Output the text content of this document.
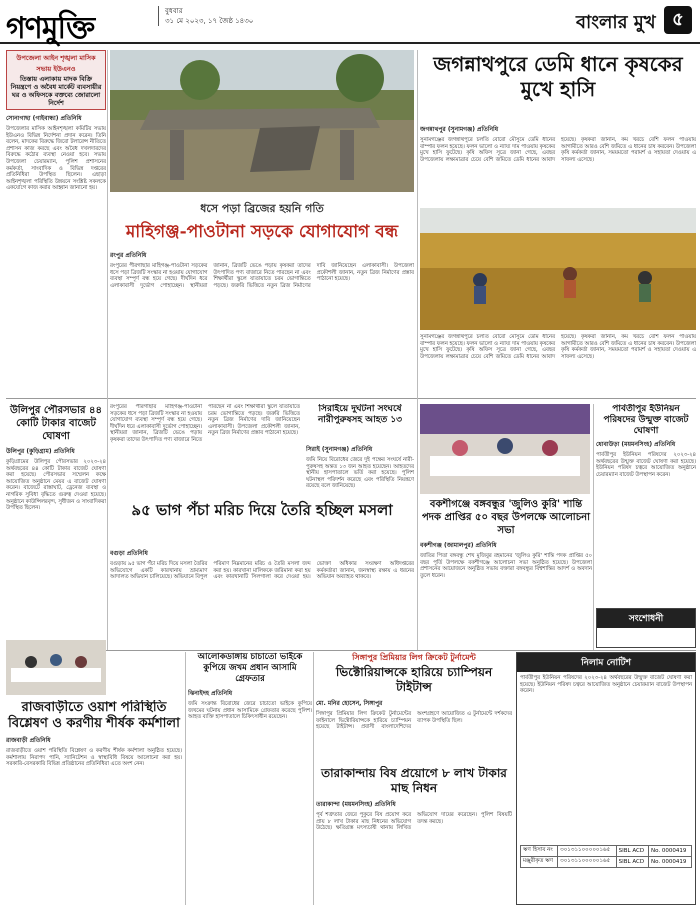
গণমুক্তি	বুধবার
৩১ মে ২০২৩, ১৭ জৈষ্ঠ ১৪৩০	বাংলার মুখ ৫
উপজেলা আইন শৃঙ্খলা মাসিক সভায় ইউএনও
তিস্তায় এলাকায় মাদক বিক্রি নিয়ন্ত্রণে ও অবৈধ মার্কেট ব্যবসায়ীর ঘর ও অফিসকে বক্তব্যে জোরালো নির্দেশ
সোনাগাছা (গাইবান্ধা) প্রতিনিধি
উপজেলার মাসিক আইনশৃঙ্খলা কমিটির সভায় ইউএনও বিভিন্ন নির্দেশনা প্রদান করেন। তিনি বলেন, মাদকের বিরুদ্ধে জিরো টলারেন্স নীতিতে প্রশাসন কাজ করছে এবং অবৈধ দখলদারদের বিরুদ্ধে কঠোর ব্যবস্থা নেওয়া হবে। সভায় উপজেলা চেয়ারম্যান, পুলিশ প্রশাসনের কর্মকর্তা, সাংবাদিক ও বিভিন্ন দপ্তরের প্রতিনিধিরা উপস্থিত ছিলেন। এছাড়া আইনশৃঙ্খলা পরিস্থিতি উন্নয়নে সংশ্লিষ্ট সকলকে একযোগে কাজ করার আহ্বান জানানো হয়।
ধসে পড়া ব্রিজের হয়নি গতি
মাহিগঞ্জ-পাওটানা সড়কে যোগাযোগ বন্ধ
রংপুর প্রতিনিধি
রংপুরের পীরগাছার মাহিগঞ্জ-পাওটানা সড়কের ধসে পড়া ব্রিজটি সংস্কার না হওয়ায় যোগাযোগ ব্যবস্থা সম্পূর্ণ বন্ধ হয়ে গেছে। দীর্ঘদিন ধরে এলাকাবাসী দুর্ভোগ পোহাচ্ছেন। স্থানীয়রা জানান, ব্রিজটি ভেঙে পড়ায় কৃষকরা তাদের উৎপাদিত পণ্য বাজারে নিতে পারছেন না এবং শিক্ষার্থীরা স্কুলে যাতায়াতে চরম ভোগান্তিতে পড়ছে। জরুরি ভিত্তিতে নতুন ব্রিজ নির্মাণের দাবি জানিয়েছেন এলাকাবাসী। উপজেলা প্রকৌশলী জানান, নতুন ব্রিজ নির্মাণের প্রস্তাব পাঠানো হয়েছে।
জগন্নাথপুরে ডেমি ধানে কৃষকের মুখে হাসি
জগন্নাথপুর (সুনামগঞ্জ) প্রতিনিধি
সুনামগঞ্জের জগন্নাথপুরে চলতি বোরো মৌসুমে ডেমি ধানের বাম্পার ফলন হয়েছে। ফলন ভালো ও ন্যায্য দাম পাওয়ায় কৃষকের মুখে হাসি ফুটেছে। কৃষি অফিস সূত্রে জানা গেছে, এবছর উপজেলায় লক্ষ্যমাত্রার চেয়ে বেশি জমিতে ডেমি ধানের আবাদ হয়েছে। কৃষকরা জানান, কম খরচে বেশি ফলন পাওয়ায় আগামীতে আরও বেশি জমিতে এ ধানের চাষ করবেন। উপজেলা কৃষি কর্মকর্তা জানান, সময়মতো পরামর্শ ও সহায়তা দেওয়ায় এ সাফল্য এসেছে।
সুনামগঞ্জের জগন্নাথপুরে চলতি বোরো মৌসুমে ডেমি ধানের বাম্পার ফলন হয়েছে। ফলন ভালো ও ন্যায্য দাম পাওয়ায় কৃষকের মুখে হাসি ফুটেছে। কৃষি অফিস সূত্রে জানা গেছে, এবছর উপজেলায় লক্ষ্যমাত্রার চেয়ে বেশি জমিতে ডেমি ধানের আবাদ হয়েছে। কৃষকরা জানান, কম খরচে বেশি ফলন পাওয়ায় আগামীতে আরও বেশি জমিতে এ ধানের চাষ করবেন। উপজেলা কৃষি কর্মকর্তা জানান, সময়মতো পরামর্শ ও সহায়তা দেওয়ায় এ সাফল্য এসেছে।
উলিপুর পৌরসভার ৪৪ কোটি টাকার বাজেট ঘোষণা
উলিপুর (কুড়িগ্রাম) প্রতিনিধি
কুড়িগ্রামের উলিপুর পৌরসভার ২০২৩-২৪ অর্থবছরের ৪৪ কোটি টাকার বাজেট ঘোষণা করা হয়েছে। পৌরসভার সম্মেলন কক্ষে আয়োজিত অনুষ্ঠানে মেয়র এ বাজেট ঘোষণা করেন। বাজেটে রাস্তাঘাট, ড্রেনেজ ব্যবস্থা ও নাগরিক সুবিধা বৃদ্ধিতে গুরুত্ব দেওয়া হয়েছে। অনুষ্ঠানে কাউন্সিলরবৃন্দ, সুধীজন ও সাংবাদিকরা উপস্থিত ছিলেন।
রংপুরের পীরগাছার মাহিগঞ্জ-পাওটানা সড়কের ধসে পড়া ব্রিজটি সংস্কার না হওয়ায় যোগাযোগ ব্যবস্থা সম্পূর্ণ বন্ধ হয়ে গেছে। দীর্ঘদিন ধরে এলাকাবাসী দুর্ভোগ পোহাচ্ছেন। স্থানীয়রা জানান, ব্রিজটি ভেঙে পড়ায় কৃষকরা তাদের উৎপাদিত পণ্য বাজারে নিতে পারছেন না এবং শিক্ষার্থীরা স্কুলে যাতায়াতে চরম ভোগান্তিতে পড়ছে। জরুরি ভিত্তিতে নতুন ব্রিজ নির্মাণের দাবি জানিয়েছেন এলাকাবাসী। উপজেলা প্রকৌশলী জানান, নতুন ব্রিজ নির্মাণের প্রস্তাব পাঠানো হয়েছে।
সিরাইয়ে দুর্ঘটনা সংঘর্ষে নারীপুরুষসহ আহত ১৩
সিরাই (সুনামগঞ্জ) প্রতিনিধি
জমি নিয়ে বিরোধের জেরে দুই পক্ষের সংঘর্ষে নারী-পুরুষসহ অন্তত ১৩ জন আহত হয়েছেন। আহতদের স্থানীয় হাসপাতালে ভর্তি করা হয়েছে। পুলিশ ঘটনাস্থল পরিদর্শন করেছে এবং পরিস্থিতি নিয়ন্ত্রণে রয়েছে বলে জানিয়েছে।
পার্বতীপুর ইউনিয়ন পরিষদের উন্মুক্ত বাজেট ঘোষণা
ধোবাউড়া (ময়মনসিংহ) প্রতিনিধি
পার্বতীপুর ইউনিয়ন পরিষদের ২০২৩-২৪ অর্থবছরের উন্মুক্ত বাজেট ঘোষণা করা হয়েছে। ইউনিয়ন পরিষদ চত্বরে আয়োজিত অনুষ্ঠানে চেয়ারম্যান বাজেট উপস্থাপন করেন।
৯৫ ভাগ পঁচা মরিচ দিয়ে তৈরি হচ্ছিল মসলা
বগুড়া প্রতিনিধি
বগুড়ায় ৯৫ ভাগ পঁচা মরিচ দিয়ে মসলা তৈরির অভিযোগে একটি কারখানায় ভ্রাম্যমাণ আদালত অভিযান চালিয়েছে। অভিযানে বিপুল পরিমাণ নিম্নমানের মরিচ ও তৈরি মসলা জব্দ করা হয়। কারখানা মালিককে জরিমানা করা হয় এবং কারখানাটি সিলগালা করে দেওয়া হয়। ভোক্তা অধিকার সংরক্ষণ অধিদপ্তরের কর্মকর্তারা জানান, জনস্বাস্থ্য রক্ষায় এ ধরনের অভিযান অব্যাহত থাকবে।
বকশীগঞ্জে বঙ্গবন্ধুর 'জুলিও কুরি' শান্তি পদক প্রাপ্তির ৫০ বছর উপলক্ষে আলোচনা সভা
বকশীগঞ্জ (জামালপুর) প্রতিনিধি
জাতির পিতা বঙ্গবন্ধু শেখ মুজিবুর রহমানের 'জুলিও কুরি' শান্তি পদক প্রাপ্তির ৫০ বছর পূর্তি উপলক্ষে বকশীগঞ্জে আলোচনা সভা অনুষ্ঠিত হয়েছে। উপজেলা প্রশাসনের আয়োজনে অনুষ্ঠিত সভায় বক্তারা বঙ্গবন্ধুর বিশ্বশান্তির আদর্শ ও অবদান তুলে ধরেন।
সংশোধনী
রাজবাড়ীতে ওয়াশ পরিস্থিতি বিশ্লেষণ ও করণীয় শীর্ষক কর্মশালা
রাজবাড়ী প্রতিনিধি
রাজবাড়ীতে ওয়াশ পরিস্থিতি বিশ্লেষণ ও করণীয় শীর্ষক কর্মশালা অনুষ্ঠিত হয়েছে। কর্মশালায় নিরাপদ পানি, স্যানিটেশন ও স্বাস্থ্যবিধি বিষয়ে আলোচনা করা হয়। সরকারি-বেসরকারি বিভিন্ন প্রতিষ্ঠানের প্রতিনিধিরা এতে অংশ নেন।
আলোকডাঙ্গায় চাচাতো ভাইকে কুপিয়ে জখম প্রধান আসামি গ্রেফতার
ঝিনাইদহ প্রতিনিধি
জমি সংক্রান্ত বিরোধের জেরে চাচাতো ভাইকে কুপিয়ে জখমের ঘটনায় প্রধান আসামিকে গ্রেফতার করেছে পুলিশ। আহত ব্যক্তি হাসপাতালে চিকিৎসাধীন রয়েছেন।
সিঙ্গাপুর প্রিমিয়ার লিগ ক্রিকেট টুর্নামেন্ট
ভিক্টোরিয়ান্সকে হারিয়ে চ্যাম্পিয়ন টাইটান্স
মো. মনির হোসেন, সিঙ্গাপুর
সিঙ্গাপুর প্রিমিয়ার লিগ ক্রিকেট টুর্নামেন্টের ফাইনালে ভিক্টোরিয়ান্সকে হারিয়ে চ্যাম্পিয়ন হয়েছে টাইটান্স। প্রবাসী বাংলাদেশিদের অংশগ্রহণে আয়োজিত এ টুর্নামেন্টে দর্শকদের ব্যাপক উপস্থিতি ছিল।
তারাকান্দায় বিষ প্রয়োগে ৮ লাখ টাকার মাছ নিধন
তারাকান্দা (ময়মনসিংহ) প্রতিনিধি
পূর্ব শত্রুতার জেরে পুকুরে বিষ প্রয়োগ করে প্রায় ৮ লাখ টাকার মাছ নিধনের অভিযোগ উঠেছে। ক্ষতিগ্রস্ত মৎস্যচাষী থানায় লিখিত অভিযোগ দায়ের করেছেন। পুলিশ বিষয়টি তদন্ত করছে।
নিলাম নোটিশ
পার্বতীপুর ইউনিয়ন পরিষদের ২০২৩-২৪ অর্থবছরের উন্মুক্ত বাজেট ঘোষণা করা হয়েছে। ইউনিয়ন পরিষদ চত্বরে আয়োজিত অনুষ্ঠানে চেয়ারম্যান বাজেট উপস্থাপন করেন।
ঋণ হিসাব নং	৩০১৩১১০০০০০১৬৫	SIBL ACD	No. 0000419
মঞ্জুরীকৃত ঋণ	৩০১৩১১০০০০০১৬৫	SIBL ACD	No. 0000419
